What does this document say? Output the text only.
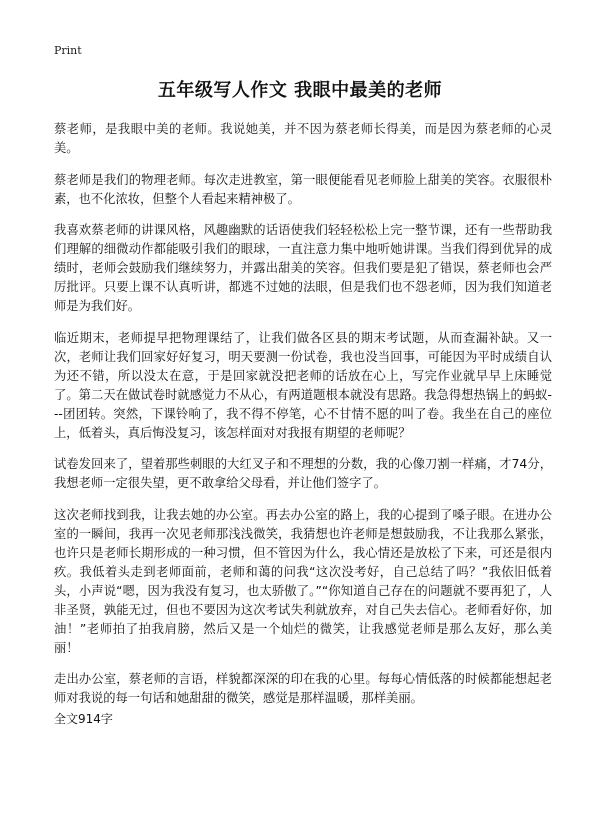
Print
五年级写人作文 我眼中最美的老师

蔡老师，是我眼中美的老师。我说她美，并不因为蔡老师长得美，而是因为蔡老师的心灵美。

蔡老师是我们的物理老师。每次走进教室，第一眼便能看见老师脸上甜美的笑容。衣服很朴素，也不化浓妆，但整个人看起来精神极了。

我喜欢蔡老师的讲课风格，风趣幽默的话语使我们轻轻松松上完一整节课，还有一些帮助我们理解的细微动作都能吸引我们的眼球，一直注意力集中地听她讲课。当我们得到优异的成绩时，老师会鼓励我们继续努力，并露出甜美的笑容。但我们要是犯了错误，蔡老师也会严厉批评。只要上课不认真听讲，都逃不过她的法眼，但是我们也不怨老师，因为我们知道老师是为我们好。

临近期末，老师提早把物理课结了，让我们做各区县的期末考试题，从而查漏补缺。又一次，老师让我们回家好好复习，明天要测一份试卷，我也没当回事，可能因为平时成绩自认为还不错，所以没太在意，于是回家就没把老师的话放在心上，写完作业就早早上床睡觉了。第二天在做试卷时就感觉力不从心，有两道题根本就没有思路。我急得想热锅上的蚂蚁---团团转。突然，下课铃响了，我不得不停笔，心不甘情不愿的叫了卷。我坐在自己的座位上，低着头，真后悔没复习，该怎样面对对我报有期望的老师呢？

试卷发回来了，望着那些刺眼的大红叉子和不理想的分数，我的心像刀割一样痛，才74分，我想老师一定很失望，更不敢拿给父母看，并让他们签字了。

这次老师找到我，让我去她的办公室。再去办公室的路上，我的心提到了嗓子眼。在进办公室的一瞬间，我再一次见老师那浅浅微笑，我猜想也许老师是想鼓励我，不让我那么紧张，也许只是老师长期形成的一种习惯，但不管因为什么，我心情还是放松了下来，可还是很内疚。我低着头走到老师面前，老师和蔼的问我“这次没考好，自己总结了吗？”我依旧低着头，小声说“嗯，因为我没有复习，也太骄傲了。”“你知道自己存在的问题就不要再犯了，人非圣贤，孰能无过，但也不要因为这次考试失利就放弃，对自己失去信心。老师看好你，加油！”老师拍了拍我肩膀，然后又是一个灿烂的微笑，让我感觉老师是那么友好，那么美丽！

走出办公室，蔡老师的言语，样貌都深深的印在我的心里。每每心情低落的时候都能想起老师对我说的每一句话和她甜甜的微笑，感觉是那样温暖，那样美丽。

全文914字
